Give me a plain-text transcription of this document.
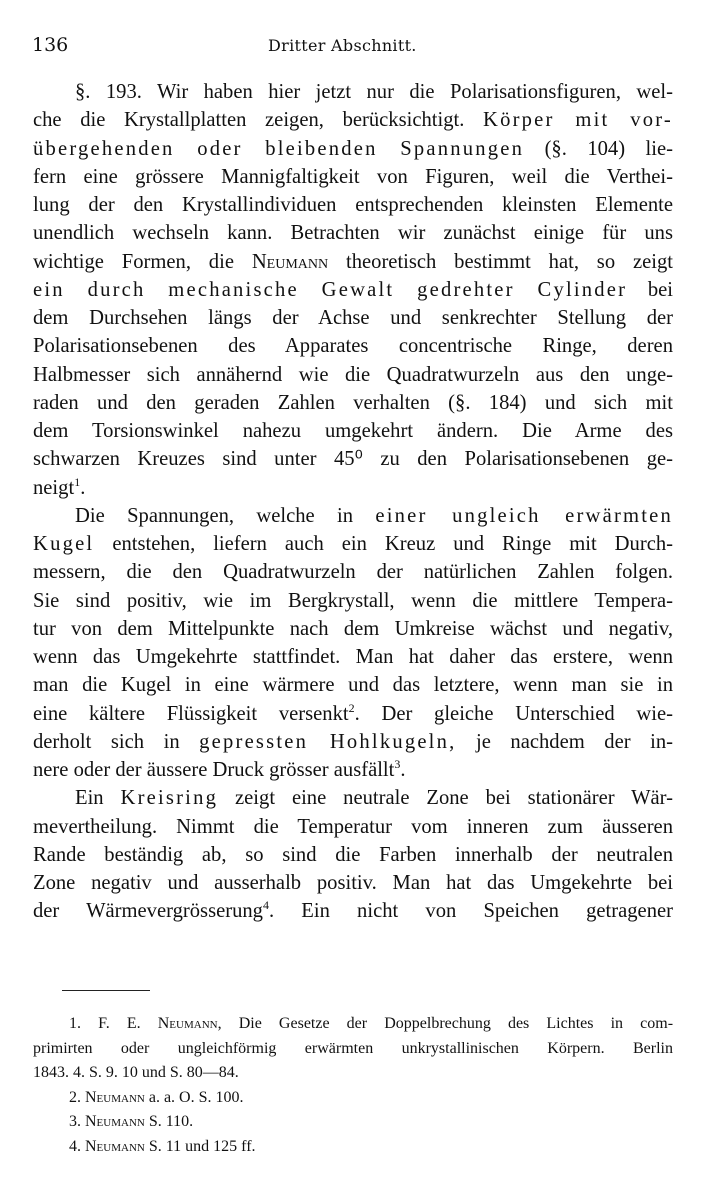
136	Dritter Abschnitt.
§. 193. Wir haben hier jetzt nur die Polarisationsfiguren, wel-
che die Krystallplatten zeigen, berücksichtigt. Körper mit vor-
übergehenden oder bleibenden Spannungen (§. 104) lie-
fern eine grössere Mannigfaltigkeit von Figuren, weil die Verthei-
lung der den Krystallindividuen entsprechenden kleinsten Elemente
unendlich wechseln kann. Betrachten wir zunächst einige für uns
wichtige Formen, die Neumann theoretisch bestimmt hat, so zeigt
ein durch mechanische Gewalt gedrehter Cylinder bei
dem Durchsehen längs der Achse und senkrechter Stellung der
Polarisationsebenen des Apparates concentrische Ringe, deren
Halbmesser sich annähernd wie die Quadratwurzeln aus den unge-
raden und den geraden Zahlen verhalten (§. 184) und sich mit
dem Torsionswinkel nahezu umgekehrt ändern. Die Arme des
schwarzen Kreuzes sind unter 45⁰ zu den Polarisationsebenen ge-
neigt$^1$.
Die Spannungen, welche in einer ungleich erwärmten
Kugel entstehen, liefern auch ein Kreuz und Ringe mit Durch-
messern, die den Quadratwurzeln der natürlichen Zahlen folgen.
Sie sind positiv, wie im Bergkrystall, wenn die mittlere Tempera-
tur von dem Mittelpunkte nach dem Umkreise wächst und negativ,
wenn das Umgekehrte stattfindet. Man hat daher das erstere, wenn
man die Kugel in eine wärmere und das letztere, wenn man sie in
eine kältere Flüssigkeit versenkt$^2$. Der gleiche Unterschied wie-
derholt sich in gepressten Hohlkugeln, je nachdem der in-
nere oder der äussere Druck grösser ausfällt$^3$.
Ein Kreisring zeigt eine neutrale Zone bei stationärer Wär-
mevertheilung. Nimmt die Temperatur vom inneren zum äusseren
Rande beständig ab, so sind die Farben innerhalb der neutralen
Zone negativ und ausserhalb positiv. Man hat das Umgekehrte bei
der Wärmevergrösserung$^4$. Ein nicht von Speichen getragener
1. F. E. Neumann, Die Gesetze der Doppelbrechung des Lichtes in com-
primirten oder ungleichförmig erwärmten unkrystallinischen Körpern. Berlin
1843. 4. S. 9. 10 und S. 80—84.
2. Neumann a. a. O. S. 100.
3. Neumann S. 110.
4. Neumann S. 11 und 125 ff.
